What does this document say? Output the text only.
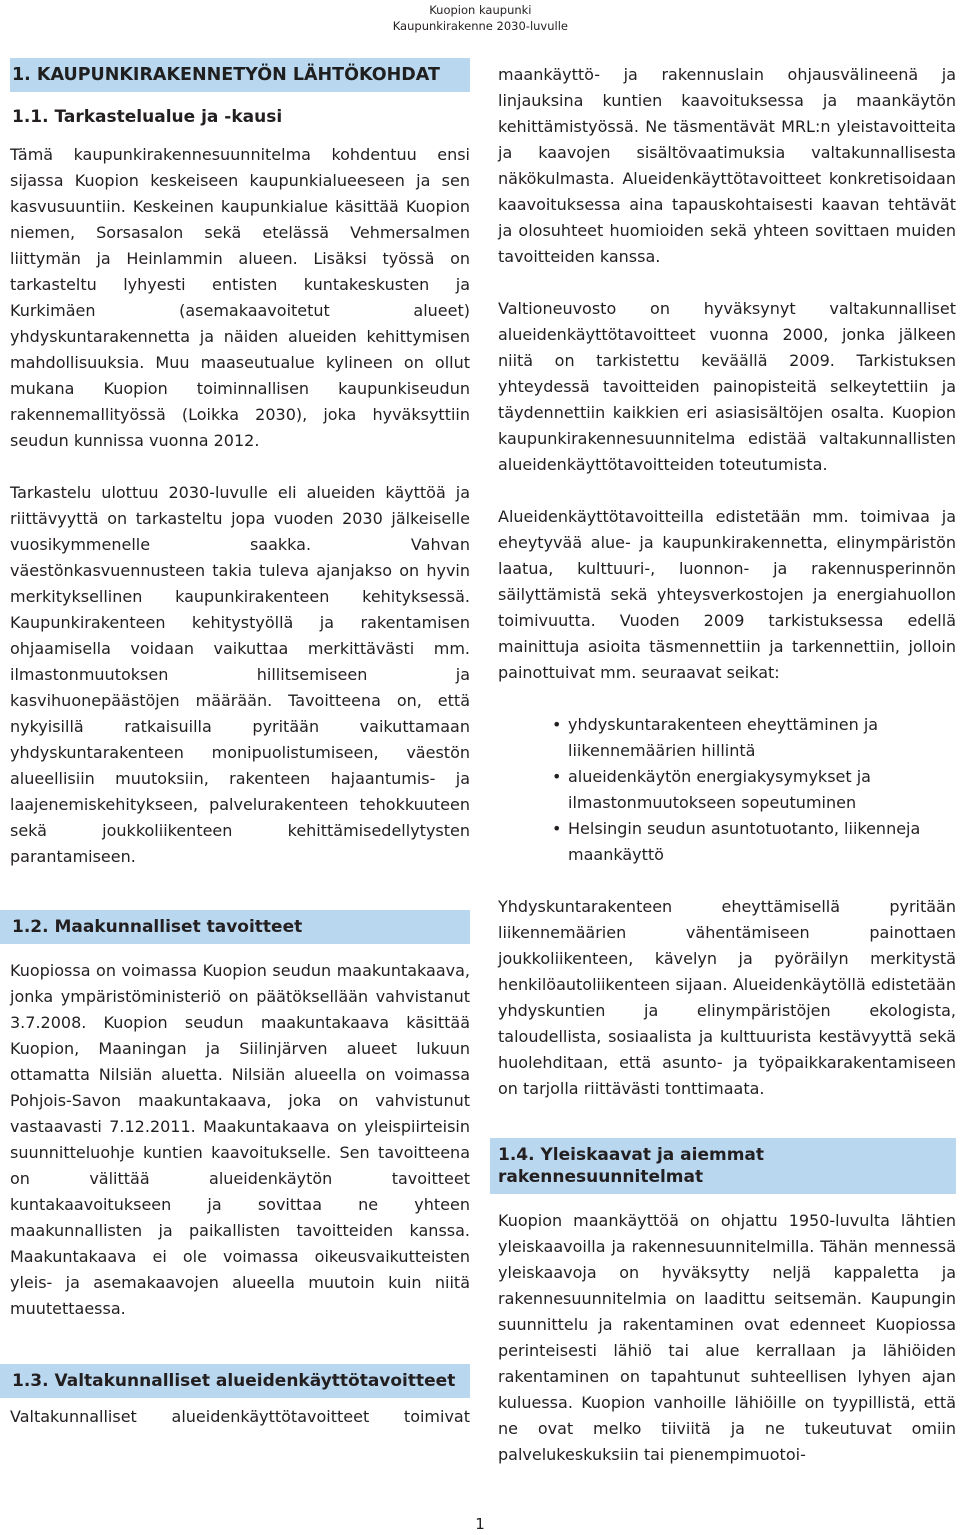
Kuopion kaupunki
Kaupunkirakenne 2030-luvulle
1. KAUPUNKIRAKENNETYÖN LÄHTÖKOHDAT
1.1. Tarkastelualue ja -kausi

Tämä kaupunkirakennesuunnitelma kohdentuu ensi sijassa Kuopion keskeiseen kaupunkialueeseen ja sen kasvusuuntiin. Keskeinen kaupunkialue käsittää Kuopion niemen, Sorsasalon sekä etelässä Vehmersalmen liittymän ja Heinlammin alueen. Lisäksi työssä on tarkasteltu lyhyesti entisten kuntakeskusten ja Kurkimäen (asemakaavoitetut alueet) yhdyskuntarakennetta ja näiden alueiden kehittymisen mahdollisuuksia. Muu maaseutualue kylineen on ollut mukana Kuopion toiminnallisen kaupunkiseudun rakennemallityössä (Loikka 2030), joka hyväksyttiin seudun kunnissa vuonna 2012.

Tarkastelu ulottuu 2030-luvulle eli alueiden käyttöä ja riittävyyttä on tarkasteltu jopa vuoden 2030 jälkeiselle vuosikymmenelle saakka. Vahvan väestönkasvuennusteen takia tuleva ajanjakso on hyvin merkityksellinen kaupunkirakenteen kehityksessä. Kaupunkirakenteen kehitystyöllä ja rakentamisen ohjaamisella voidaan vaikuttaa merkittävästi mm. ilmastonmuutoksen hillitsemiseen ja kasvihuonepäästöjen määrään. Tavoitteena on, että nykyisillä ratkaisuilla pyritään vaikuttamaan yhdyskuntarakenteen monipuolistumiseen, väestön alueellisiin muutoksiin, rakenteen hajaantumis- ja laajenemiskehitykseen, palvelurakenteen tehokkuuteen sekä joukkoliikenteen kehittämisedellytysten parantamiseen.

1.2. Maakunnalliset tavoitteet

Kuopiossa on voimassa Kuopion seudun maakuntakaava, jonka ympäristöministeriö on päätöksellään vahvistanut 3.7.2008. Kuopion seudun maakuntakaava käsittää Kuopion, Maaningan ja Siilinjärven alueet lukuun ottamatta Nilsiän aluetta. Nilsiän alueella on voimassa Pohjois-Savon maakuntakaava, joka on vahvistunut vastaavasti 7.12.2011. Maakuntakaava on yleispiirteisin suunnitteluohje kuntien kaavoitukselle. Sen tavoitteena on välittää alueidenkäytön tavoitteet kuntakaavoitukseen ja sovittaa ne yhteen maakunnallisten ja paikallisten tavoitteiden kanssa. Maakuntakaava ei ole voimassa oikeusvaikutteisten yleis- ja asemakaavojen alueella muutoin kuin niitä muutettaessa.

1.3. Valtakunnalliset alueidenkäyttötavoitteet

Valtakunnalliset alueidenkäyttötavoitteet toimivat

maankäyttö- ja rakennuslain ohjausvälineenä ja linjauksina kuntien kaavoituksessa ja maankäytön kehittämistyössä. Ne täsmentävät MRL:n yleistavoitteita ja kaavojen sisältövaatimuksia valtakunnallisesta näkökulmasta. Alueidenkäyttötavoitteet konkretisoidaan kaavoituksessa aina tapauskohtaisesti kaavan tehtävät ja olosuhteet huomioiden sekä yhteen sovittaen muiden tavoitteiden kanssa.

Valtioneuvosto on hyväksynyt valtakunnalliset alueidenkäyttötavoitteet vuonna 2000, jonka jälkeen niitä on tarkistettu keväällä 2009. Tarkistuksen yhteydessä tavoitteiden painopisteitä selkeytettiin ja täydennettiin kaikkien eri asiasisältöjen osalta. Kuopion kaupunkirakennesuunnitelma edistää valtakunnallisten alueidenkäyttötavoitteiden toteutumista.

Alueidenkäyttötavoitteilla edistetään mm. toimivaa ja eheytyvää alue- ja kaupunkirakennetta, elinympäristön laatua, kulttuuri-, luonnon- ja rakennusperinnön säilyttämistä sekä yhteysverkostojen ja energiahuollon toimivuutta. Vuoden 2009 tarkistuksessa edellä mainittuja asioita täsmennettiin ja tarkennettiin, jolloin painottuivat mm. seuraavat seikat:

• yhdyskuntarakenteen eheyttäminen ja liikennemäärien hillintä
• alueidenkäytön energiakysymykset ja ilmastonmuutokseen sopeutuminen
• Helsingin seudun asuntotuotanto, liikenneja maankäyttö

Yhdyskuntarakenteen eheyttämisellä pyritään liikennemäärien vähentämiseen painottaen joukkoliikenteen, kävelyn ja pyöräilyn merkitystä henkilöautoliikenteen sijaan. Alueidenkäytöllä edistetään yhdyskuntien ja elinympäristöjen ekologista, taloudellista, sosiaalista ja kulttuurista kestävyyttä sekä huolehditaan, että asunto- ja työpaikkarakentamiseen on tarjolla riittävästi tonttimaata.

1.4. Yleiskaavat ja aiemmat rakennesuunnitelmat

Kuopion maankäyttöä on ohjattu 1950-luvulta lähtien yleiskaavoilla ja rakennesuunnitelmilla. Tähän mennessä yleiskaavoja on hyväksytty neljä kappaletta ja rakennesuunnitelmia on laadittu seitsemän. Kaupungin suunnittelu ja rakentaminen ovat edenneet Kuopiossa perinteisesti lähiö tai alue kerrallaan ja lähiöiden rakentaminen on tapahtunut suhteellisen lyhyen ajan kuluessa. Kuopion vanhoille lähiöille on tyypillistä, että ne ovat melko tiiviitä ja ne tukeutuvat omiin palvelukeskuksiin tai pienempimuotoi-

1
